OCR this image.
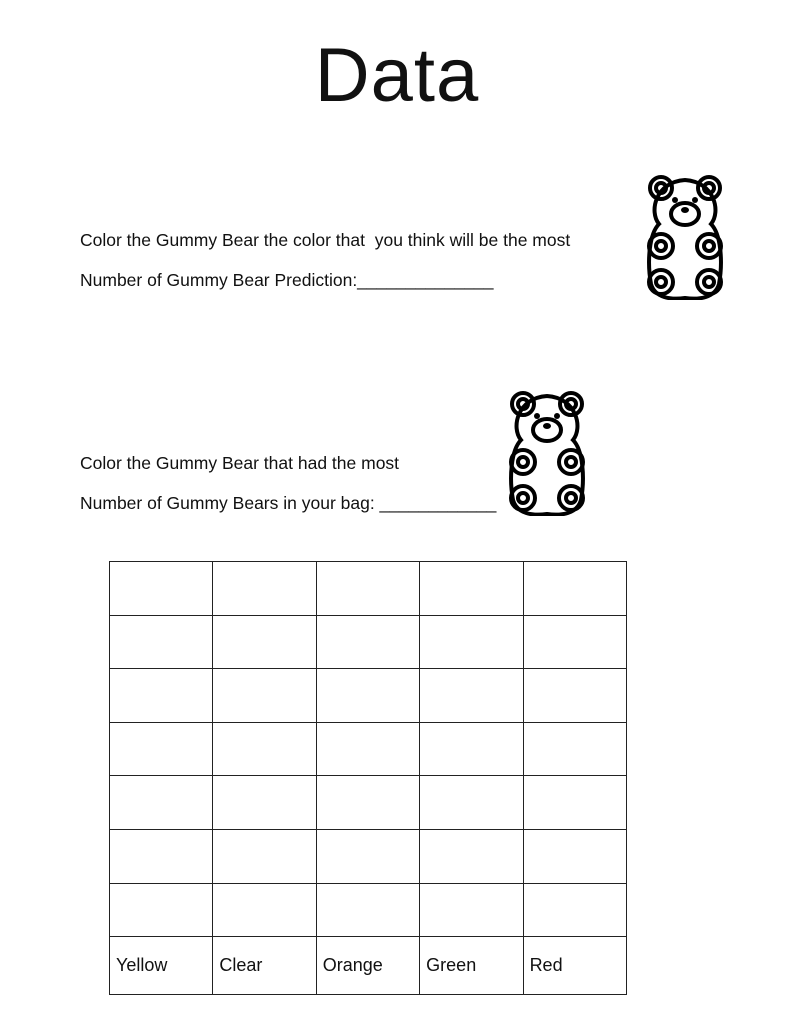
Data
Color the Gummy Bear the color that  you think will be the most
Number of Gummy Bear Prediction:______________
Color the Gummy Bear that had the most
Number of Gummy Bears in your bag: ____________

Yellow	Clear	Orange	Green	Red
